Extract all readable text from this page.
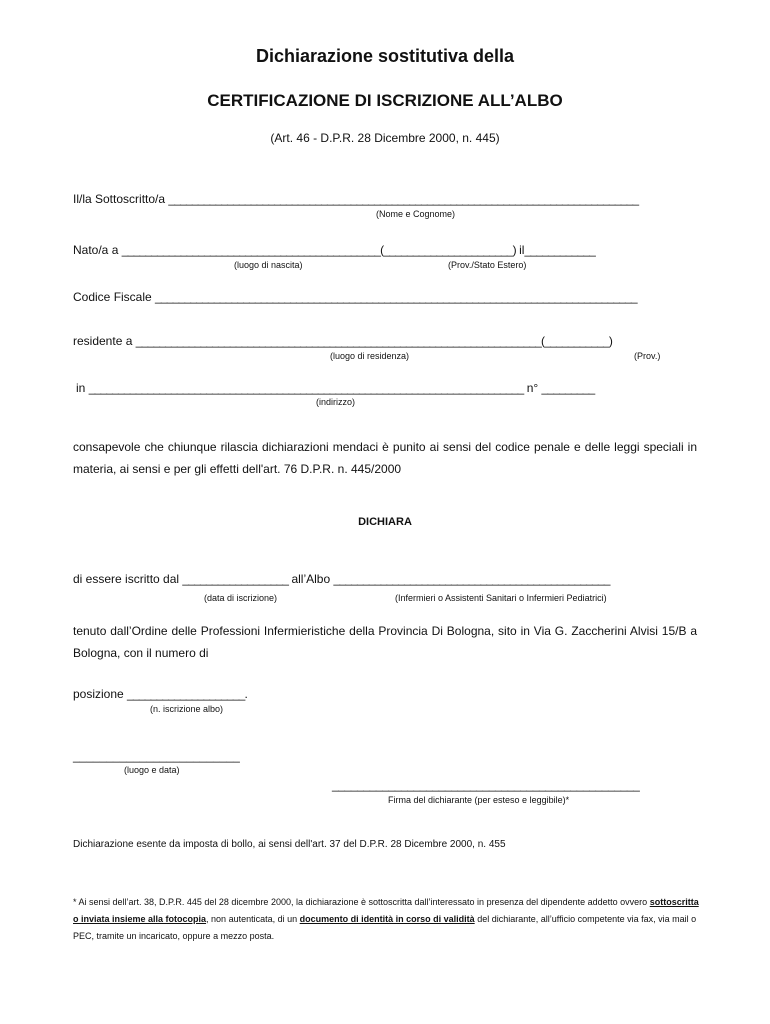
Dichiarazione sostitutiva della
CERTIFICAZIONE DI ISCRIZIONE ALL’ALBO
(Art. 46 - D.P.R. 28 Dicembre 2000, n. 445)
Il/la Sottoscritto/a ________________________________________________________________________________
(Nome e Cognome)
Nato/a a ____________________________________________(______________________) il____________
(luogo di nascita)	(Prov./Stato Estero)
Codice Fiscale __________________________________________________________________________________
residente a _____________________________________________________________________(___________)
(luogo di residenza)	(Prov.)
in __________________________________________________________________________ n° _________
(indirizzo)
consapevole che chiunque rilascia dichiarazioni mendaci è punito ai sensi del codice penale e delle leggi speciali in materia, ai sensi e per gli effetti dell'art. 76 D.P.R. n. 445/2000
DICHIARA
di essere iscritto dal __________________ all’Albo _______________________________________________
(data di iscrizione)	(Infermieri o Assistenti Sanitari o Infermieri Pediatrici)
tenuto dall’Ordine delle Professioni Infermieristiche della Provincia Di Bologna, sito in Via G. Zaccherini Alvisi 15/B a Bologna, con il numero di
posizione ____________________.
(n. iscrizione albo)
_________________________
(luogo e data)
_________________________________________________
Firma del dichiarante (per esteso e leggibile)*
Dichiarazione esente da imposta di bollo, ai sensi dell'art. 37 del D.P.R. 28 Dicembre 2000, n. 455
* Ai sensi dell’art. 38, D.P.R. 445 del 28 dicembre 2000, la dichiarazione è sottoscritta dall’interessato in presenza del dipendente addetto ovvero sottoscritta o inviata insieme alla fotocopia, non autenticata, di un documento di identità in corso di validità del dichiarante, all’ufficio competente via fax, via mail o PEC, tramite un incaricato, oppure a mezzo posta.
